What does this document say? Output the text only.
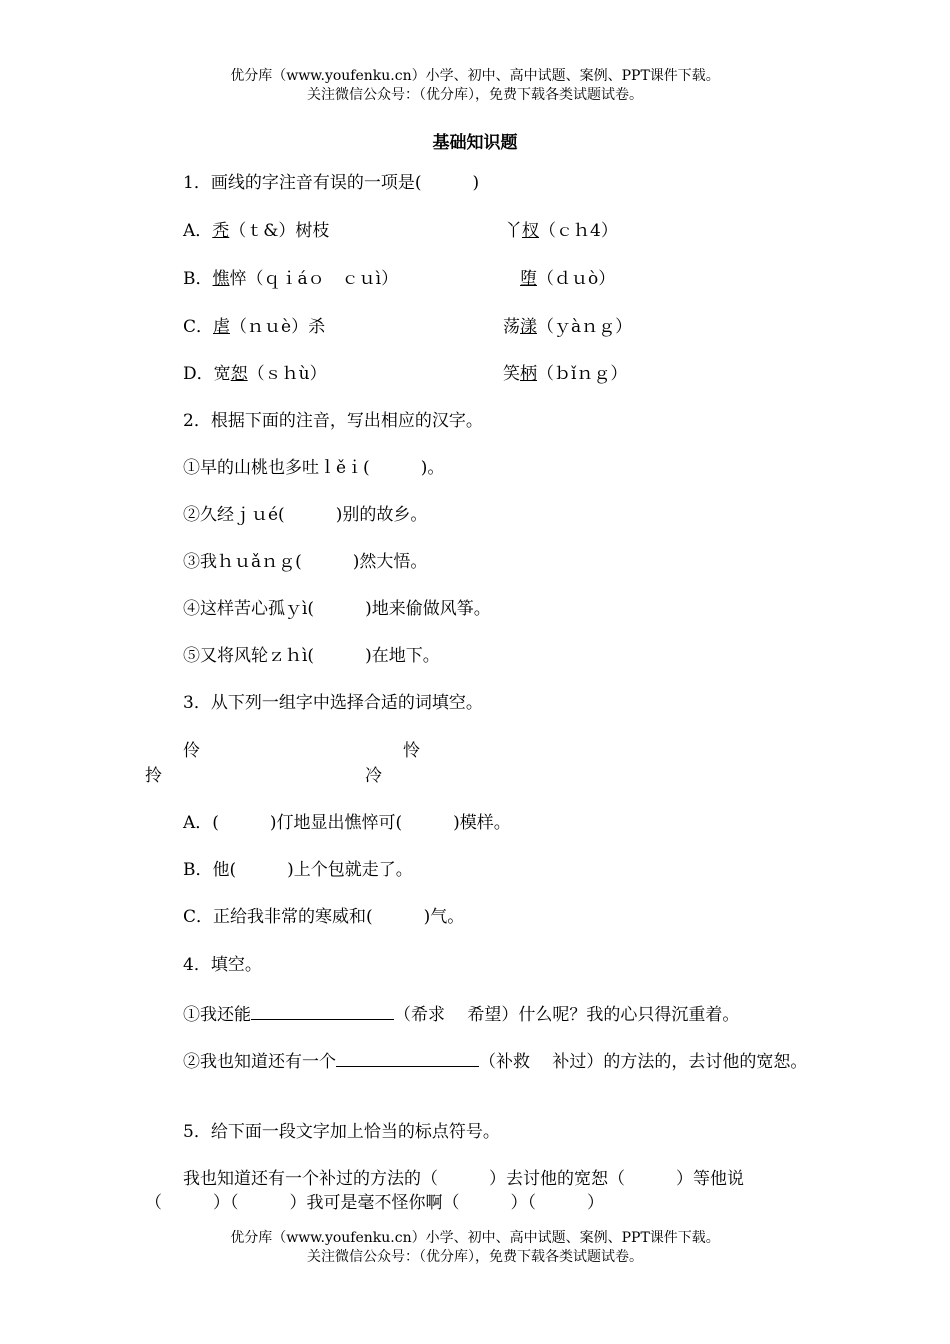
优分库（www.youfenku.cn）小学、初中、高中试题、案例、PPT课件下载。
关注微信公众号：（优分库），免费下载各类试题试卷。
基础知识题
1．画线的字注音有误的一项是(　　　)
A．秃（ｔ&）树枝	丫杈（ｃｈ4）
B．憔悴（ｑｉáｏ　ｃｕì）	堕（ｄｕò）
C．虐（ｎｕè）杀	荡漾（ｙàｎｇ）
D．宽恕（ｓｈù）	笑柄（ｂǐｎｇ）
2．根据下面的注音，写出相应的汉字。
①早的山桃也多吐ｌěｉ(　　　)。
②久经ｊｕé(　　　)别的故乡。
③我ｈｕǎｎｇ(　　　)然大悟。
④这样苦心孤ｙì(　　　)地来偷做风筝。
⑤又将风轮ｚｈì(　　　)在地下。
3．从下列一组字中选择合适的词填空。
伶	怜
拎	冷
A．(　　　)仃地显出憔悴可(　　　)模样。
B．他(　　　)上个包就走了。
C．正给我非常的寒威和(　　　)气。
4．填空。
①我还能	（希求　 希望）什么呢？我的心只得沉重着。
②我也知道还有一个	（补救　 补过）的方法的，去讨他的宽恕。
5．给下面一段文字加上恰当的标点符号。
我也知道还有一个补过的方法的（　　　）去讨他的宽恕（　　　）等他说（　　　）（　　　）我可是毫不怪你啊（　　　）（　　　）
优分库（www.youfenku.cn）小学、初中、高中试题、案例、PPT课件下载。
关注微信公众号：（优分库），免费下载各类试题试卷。
